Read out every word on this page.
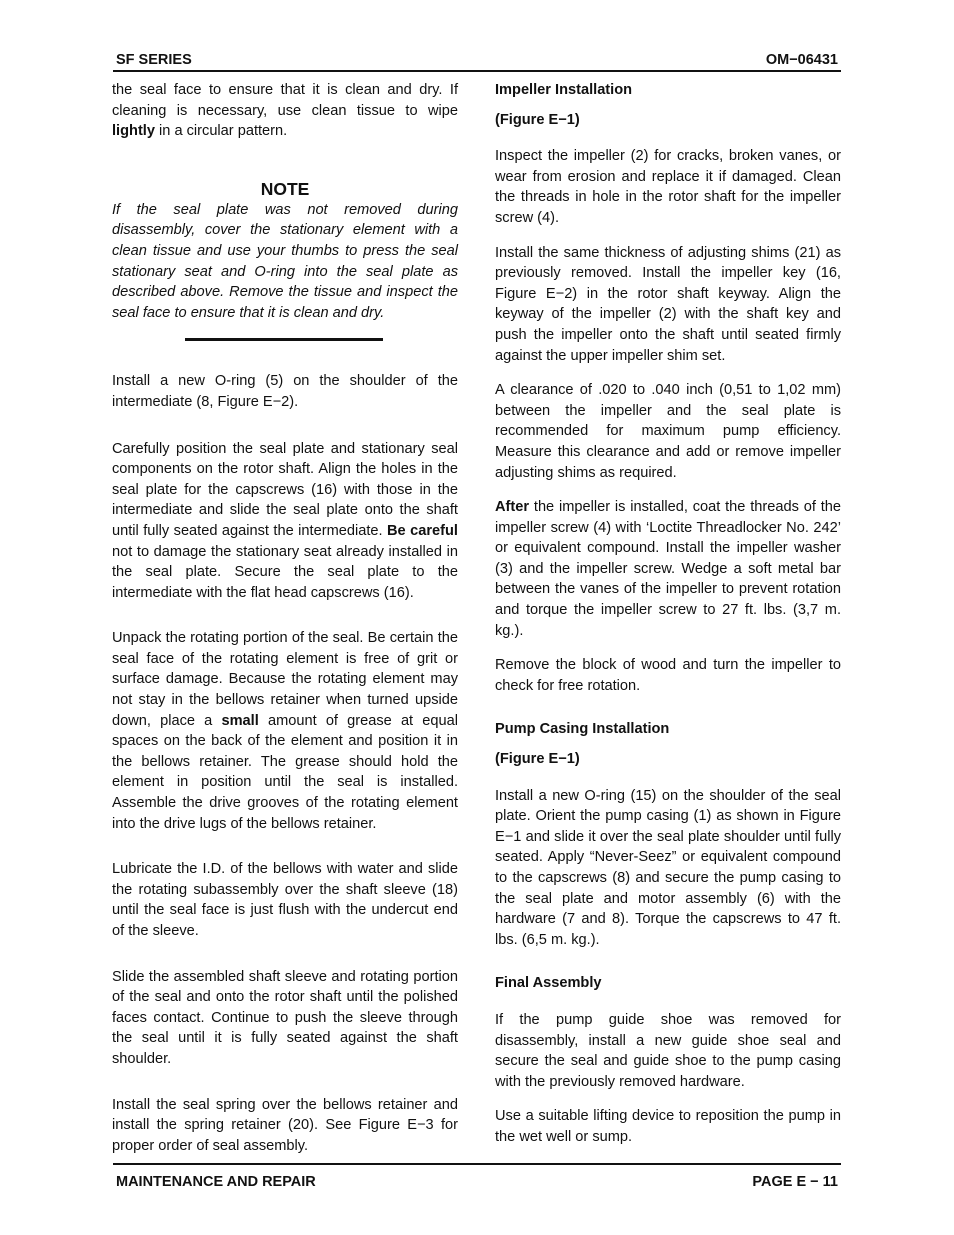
SF SERIES	OM−06431

the seal face to ensure that it is clean and dry. If cleaning is necessary, use clean tissue to wipe lightly in a circular pattern.

NOTE

If the seal plate was not removed during disassembly, cover the stationary element with a clean tissue and use your thumbs to press the seal stationary seat and O-ring into the seal plate as described above. Remove the tissue and inspect the seal face to ensure that it is clean and dry.

Install a new O-ring (5) on the shoulder of the intermediate (8, Figure E−2).

Carefully position the seal plate and stationary seal components on the rotor shaft. Align the holes in the seal plate for the capscrews (16) with those in the intermediate and slide the seal plate onto the shaft until fully seated against the intermediate. Be careful not to damage the stationary seat already installed in the seal plate. Secure the seal plate to the intermediate with the flat head capscrews (16).

Unpack the rotating portion of the seal. Be certain the seal face of the rotating element is free of grit or surface damage. Because the rotating element may not stay in the bellows retainer when turned upside down, place a small amount of grease at equal spaces on the back of the element and position it in the bellows retainer. The grease should hold the element in position until the seal is installed. Assemble the drive grooves of the rotating element into the drive lugs of the bellows retainer.

Lubricate the I.D. of the bellows with water and slide the rotating subassembly over the shaft sleeve (18) until the seal face is just flush with the undercut end of the sleeve.

Slide the assembled shaft sleeve and rotating portion of the seal and onto the rotor shaft until the polished faces contact. Continue to push the sleeve through the seal until it is fully seated against the shaft shoulder.

Install the seal spring over the bellows retainer and install the spring retainer (20). See Figure E−3 for proper order of seal assembly.

Impeller Installation
(Figure E−1)

Inspect the impeller (2) for cracks, broken vanes, or wear from erosion and replace it if damaged. Clean the threads in hole in the rotor shaft for the impeller screw (4).

Install the same thickness of adjusting shims (21) as previously removed. Install the impeller key (16, Figure E−2) in the rotor shaft keyway. Align the keyway of the impeller (2) with the shaft key and push the impeller onto the shaft until seated firmly against the upper impeller shim set.

A clearance of .020 to .040 inch (0,51 to 1,02 mm) between the impeller and the seal plate is recommended for maximum pump efficiency. Measure this clearance and add or remove impeller adjusting shims as required.

After the impeller is installed, coat the threads of the impeller screw (4) with ‘Loctite Threadlocker No. 242’ or equivalent compound. Install the impeller washer (3) and the impeller screw. Wedge a soft metal bar between the vanes of the impeller to prevent rotation and torque the impeller screw to 27 ft. lbs. (3,7 m. kg.).

Remove the block of wood and turn the impeller to check for free rotation.

Pump Casing Installation
(Figure E−1)

Install a new O-ring (15) on the shoulder of the seal plate. Orient the pump casing (1) as shown in Figure E−1 and slide it over the seal plate shoulder until fully seated. Apply “Never-Seez” or equivalent compound to the capscrews (8) and secure the pump casing to the seal plate and motor assembly (6) with the hardware (7 and 8). Torque the capscrews to 47 ft. lbs. (6,5 m. kg.).

Final Assembly

If the pump guide shoe was removed for disassembly, install a new guide shoe seal and secure the seal and guide shoe to the pump casing with the previously removed hardware.

Use a suitable lifting device to reposition the pump in the wet well or sump.

MAINTENANCE AND REPAIR	PAGE E − 11
